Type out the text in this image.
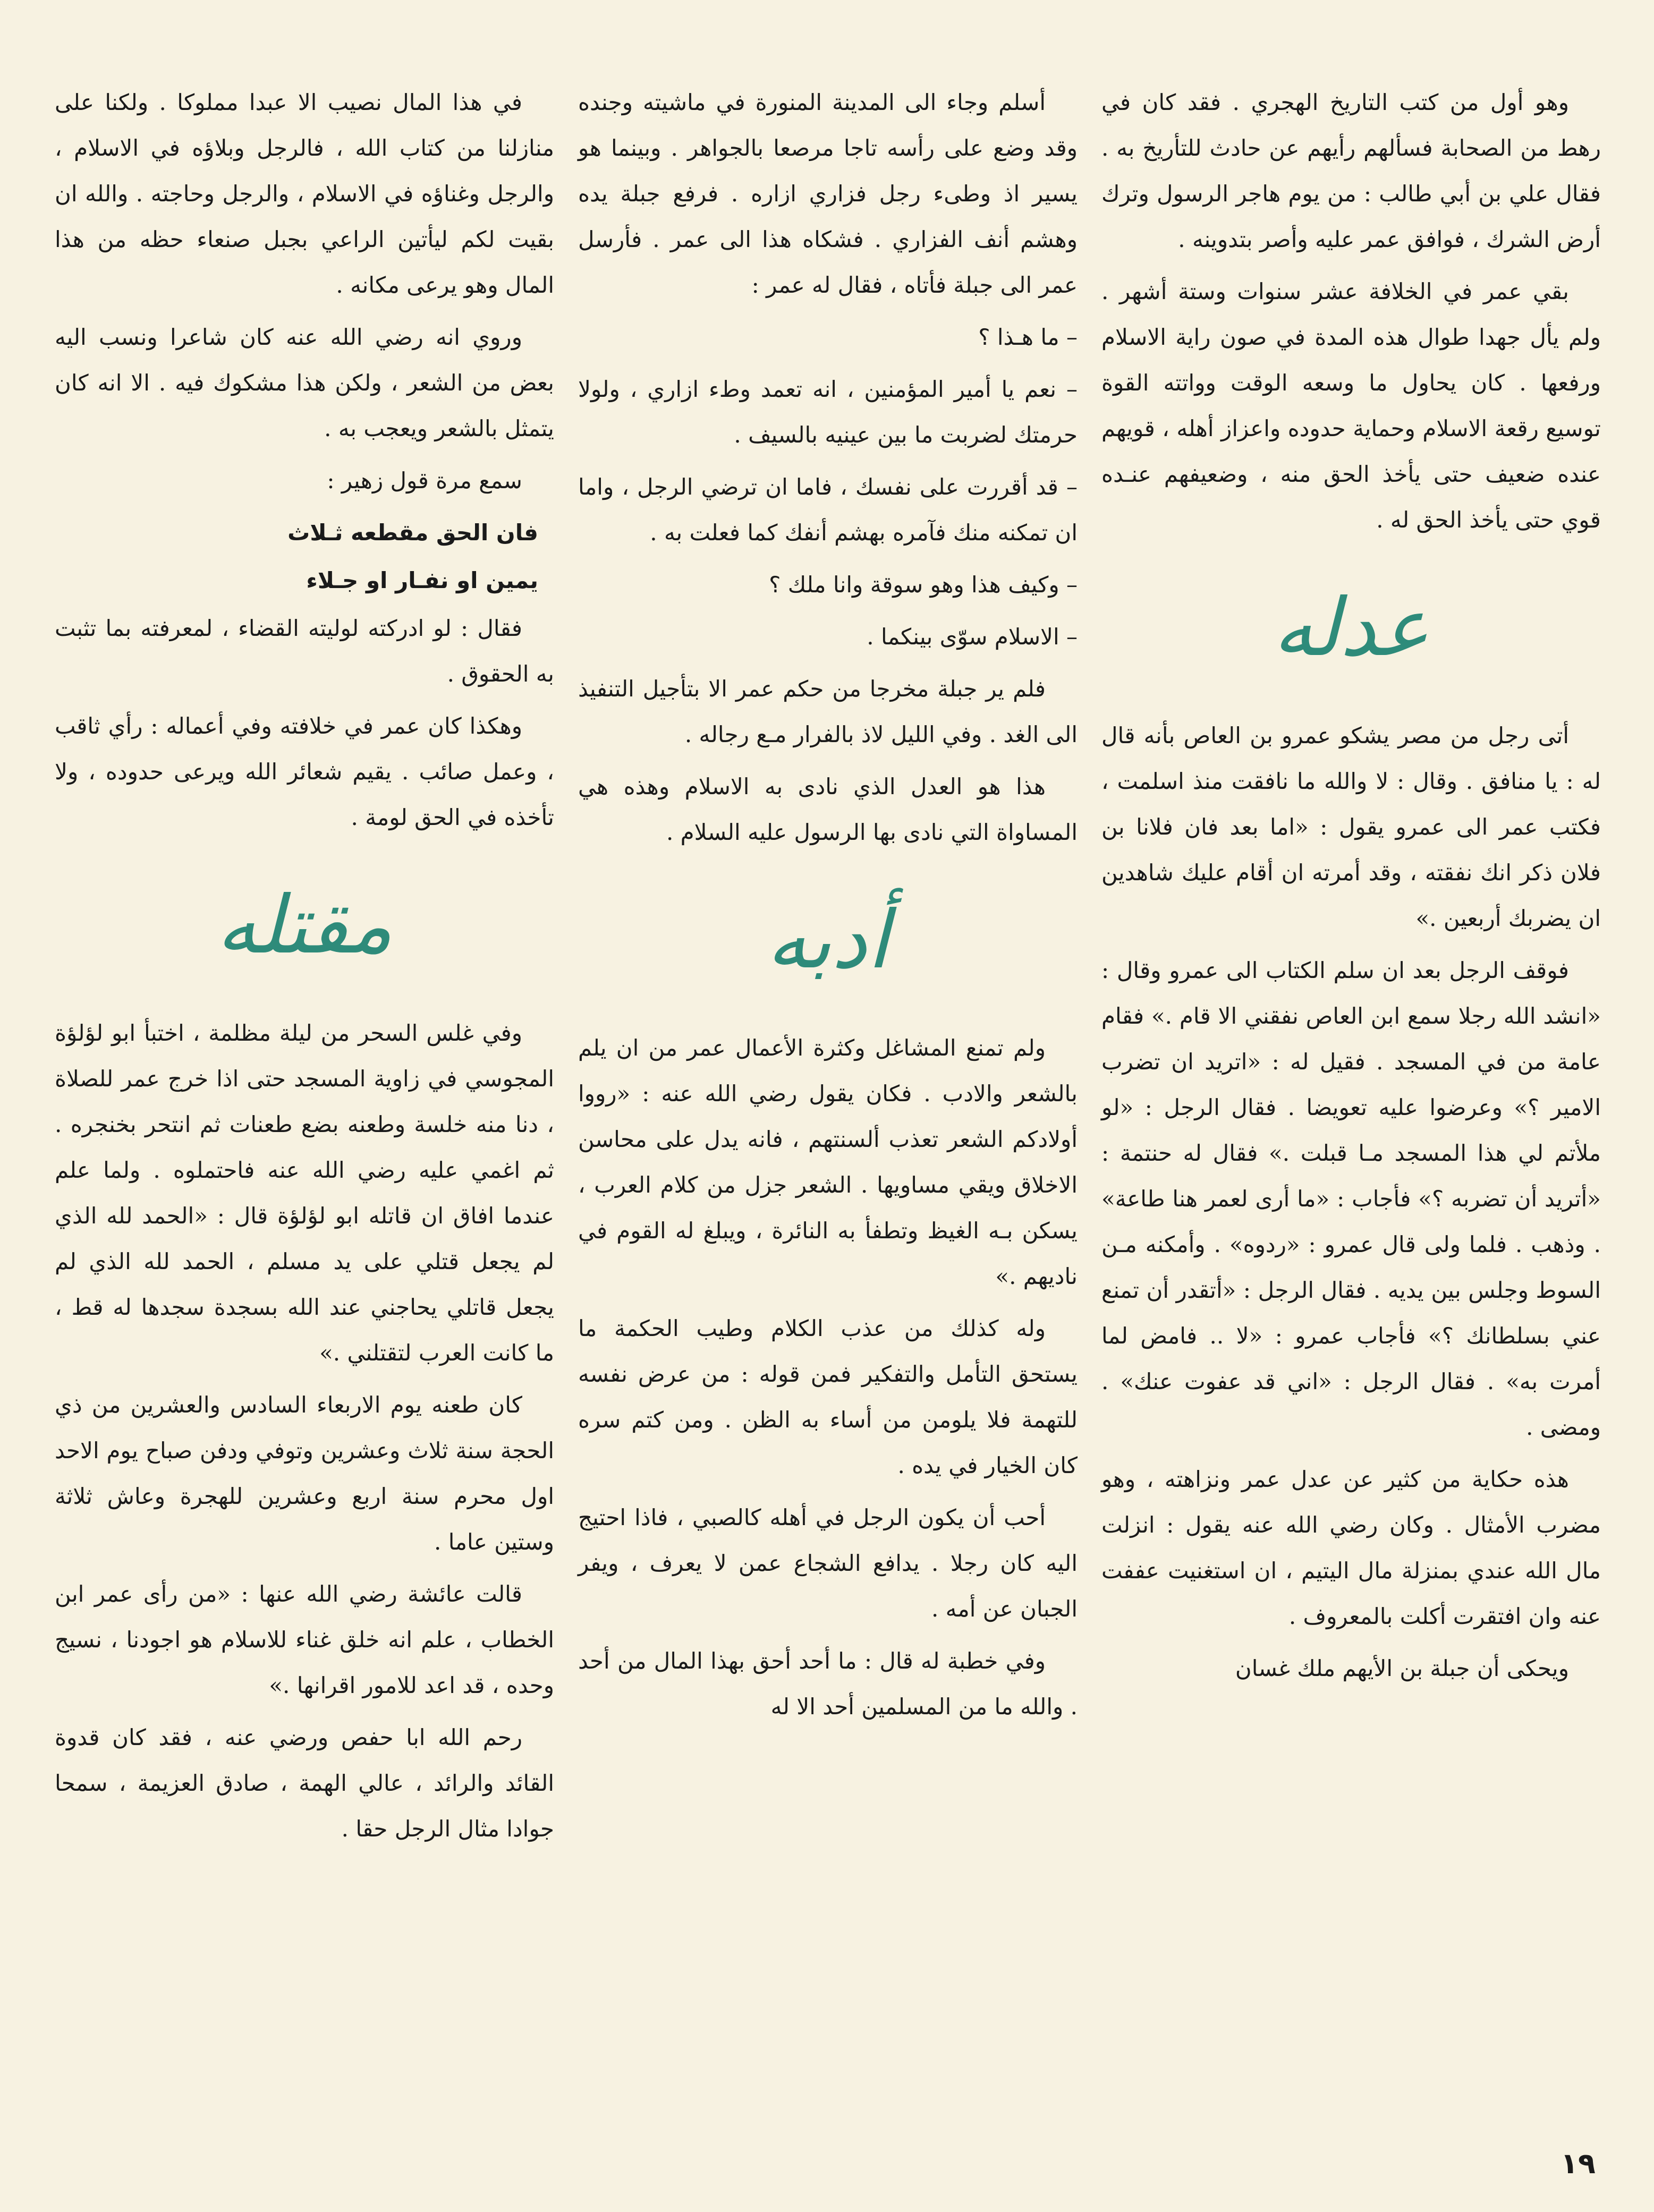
وهو أول من كتب التاريخ الهجري . فقد كان في رهط من الصحابة فسألهم رأيهم عن حادث للتأريخ به . فقال علي بن أبي طالب : من يوم هاجر الرسول وترك أرض الشرك ، فوافق عمر عليه وأصر بتدوينه .

بقي عمر في الخلافة عشر سنوات وستة أشهر . ولم يأل جهدا طوال هذه المدة في صون راية الاسلام ورفعها . كان يحاول ما وسعه الوقت وواتته القوة توسيع رقعة الاسلام وحماية حدوده واعزاز أهله ، قويهم عنده ضعيف حتى يأخذ الحق منه ، وضعيفهم عنـده قوي حتى يأخذ الحق له .

عدله

أتى رجل من مصر يشكو عمرو بن العاص بأنه قال له : يا منافق . وقال : لا والله ما نافقت منذ اسلمت ، فكتب عمر الى عمرو يقول : «اما بعد فان فلانا بن فلان ذكر انك نفقته ، وقد أمرته ان أقام عليك شاهدين ان يضربك أربعين .»

فوقف الرجل بعد ان سلم الكتاب الى عمرو وقال : «انشد الله رجلا سمع ابن العاص نفقني الا قام .» فقام عامة من في المسجد . فقيل له : «اتريد ان تضرب الامير ؟» وعرضوا عليه تعويضا . فقال الرجل : «لو ملأتم لي هذا المسجد مـا قبلت .» فقال له حنتمة : «أتريد أن تضربه ؟» فأجاب : «ما أرى لعمر هنا طاعة» . وذهب . فلما ولى قال عمرو : «ردوه» . وأمكنه مـن السوط وجلس بين يديه . فقال الرجل : «أتقدر أن تمنع عني بسلطانك ؟» فأجاب عمرو : «لا .. فامض لما أمرت به» . فقال الرجل : «اني قد عفوت عنك» . ومضى .

هذه حكاية من كثير عن عدل عمر ونزاهته ، وهو مضرب الأمثال . وكان رضي الله عنه يقول : انزلت مال الله عندي بمنزلة مال اليتيم ، ان استغنيت عففت عنه وان افتقرت أكلت بالمعروف .

ويحكى أن جبلة بن الأيهم ملك غسان

أسلم وجاء الى المدينة المنورة في ماشيته وجنده وقد وضع على رأسه تاجا مرصعا بالجواهر . وبينما هو يسير اذ وطىء رجل فزاري ازاره . فرفع جبلة يده وهشم أنف الفزاري . فشكاه هذا الى عمر . فأرسل عمر الى جبلة فأتاه ، فقال له عمر :

– ما هـذا ؟

– نعم يا أمير المؤمنين ، انه تعمد وطء ازاري ، ولولا حرمتك لضربت ما بين عينيه بالسيف .

– قد أقررت على نفسك ، فاما ان ترضي الرجل ، واما ان تمكنه منك فآمره بهشم أنفك كما فعلت به .

– وكيف هذا وهو سوقة وانا ملك ؟

– الاسلام سوّى بينكما .

فلم ير جبلة مخرجا من حكم عمر الا بتأجيل التنفيذ الى الغد . وفي الليل لاذ بالفرار مـع رجاله .

هذا هو العدل الذي نادى به الاسلام وهذه هي المساواة التي نادى بها الرسول عليه السلام .

أدبه

ولم تمنع المشاغل وكثرة الأعمال عمر من ان يلم بالشعر والادب . فكان يقول رضي الله عنه : «رووا أولادكم الشعر تعذب ألسنتهم ، فانه يدل على محاسن الاخلاق ويقي مساويها . الشعر جزل من كلام العرب ، يسكن بـه الغيظ وتطفأ به النائرة ، ويبلغ له القوم في ناديهم .»

وله كذلك من عذب الكلام وطيب الحكمة ما يستحق التأمل والتفكير فمن قوله : من عرض نفسه للتهمة فلا يلومن من أساء به الظن . ومن كتم سره كان الخيار في يده .

أحب أن يكون الرجل في أهله كالصبي ، فاذا احتيج اليه كان رجلا . يدافع الشجاع عمن لا يعرف ، ويفر الجبان عن أمه .

وفي خطبة له قال : ما أحد أحق بهذا المال من أحد . والله ما من المسلمين أحد الا له

في هذا المال نصيب الا عبدا مملوكا . ولكنا على منازلنا من كتاب الله ، فالرجل وبلاؤه في الاسلام ، والرجل وغناؤه في الاسلام ، والرجل وحاجته . والله ان بقيت لكم ليأتين الراعي بجبل صنعاء حظه من هذا المال وهو يرعى مكانه .

وروي انه رضي الله عنه كان شاعرا ونسب اليه بعض من الشعر ، ولكن هذا مشكوك فيه . الا انه كان يتمثل بالشعر ويعجب به .

سمع مرة قول زهير :

فان الحق مقطعه ثـلاث

يمين او نفـار او جـلاء

فقال : لو ادركته لوليته القضاء ، لمعرفته بما تثبت به الحقوق .

وهكذا كان عمر في خلافته وفي أعماله : رأي ثاقب ، وعمل صائب . يقيم شعائر الله ويرعى حدوده ، ولا تأخذه في الحق لومة .

مقتله

وفي غلس السحر من ليلة مظلمة ، اختبأ ابو لؤلؤة المجوسي في زاوية المسجد حتى اذا خرج عمر للصلاة ، دنا منه خلسة وطعنه بضع طعنات ثم انتحر بخنجره . ثم اغمي عليه رضي الله عنه فاحتملوه . ولما علم عندما افاق ان قاتله ابو لؤلؤة قال : «الحمد لله الذي لم يجعل قتلي على يد مسلم ، الحمد لله الذي لم يجعل قاتلي يحاجني عند الله بسجدة سجدها له قط ، ما كانت العرب لتقتلني .»

كان طعنه يوم الاربعاء السادس والعشرين من ذي الحجة سنة ثلاث وعشرين وتوفي ودفن صباح يوم الاحد اول محرم سنة اربع وعشرين للهجرة وعاش ثلاثة وستين عاما .

قالت عائشة رضي الله عنها : «من رأى عمر ابن الخطاب ، علم انه خلق غناء للاسلام هو اجودنا ، نسيج وحده ، قد اعد للامور اقرانها .»

رحم الله ابا حفص ورضي عنه ، فقد كان قدوة القائد والرائد ، عالي الهمة ، صادق العزيمة ، سمحا جوادا مثال الرجل حقا .

١٩
